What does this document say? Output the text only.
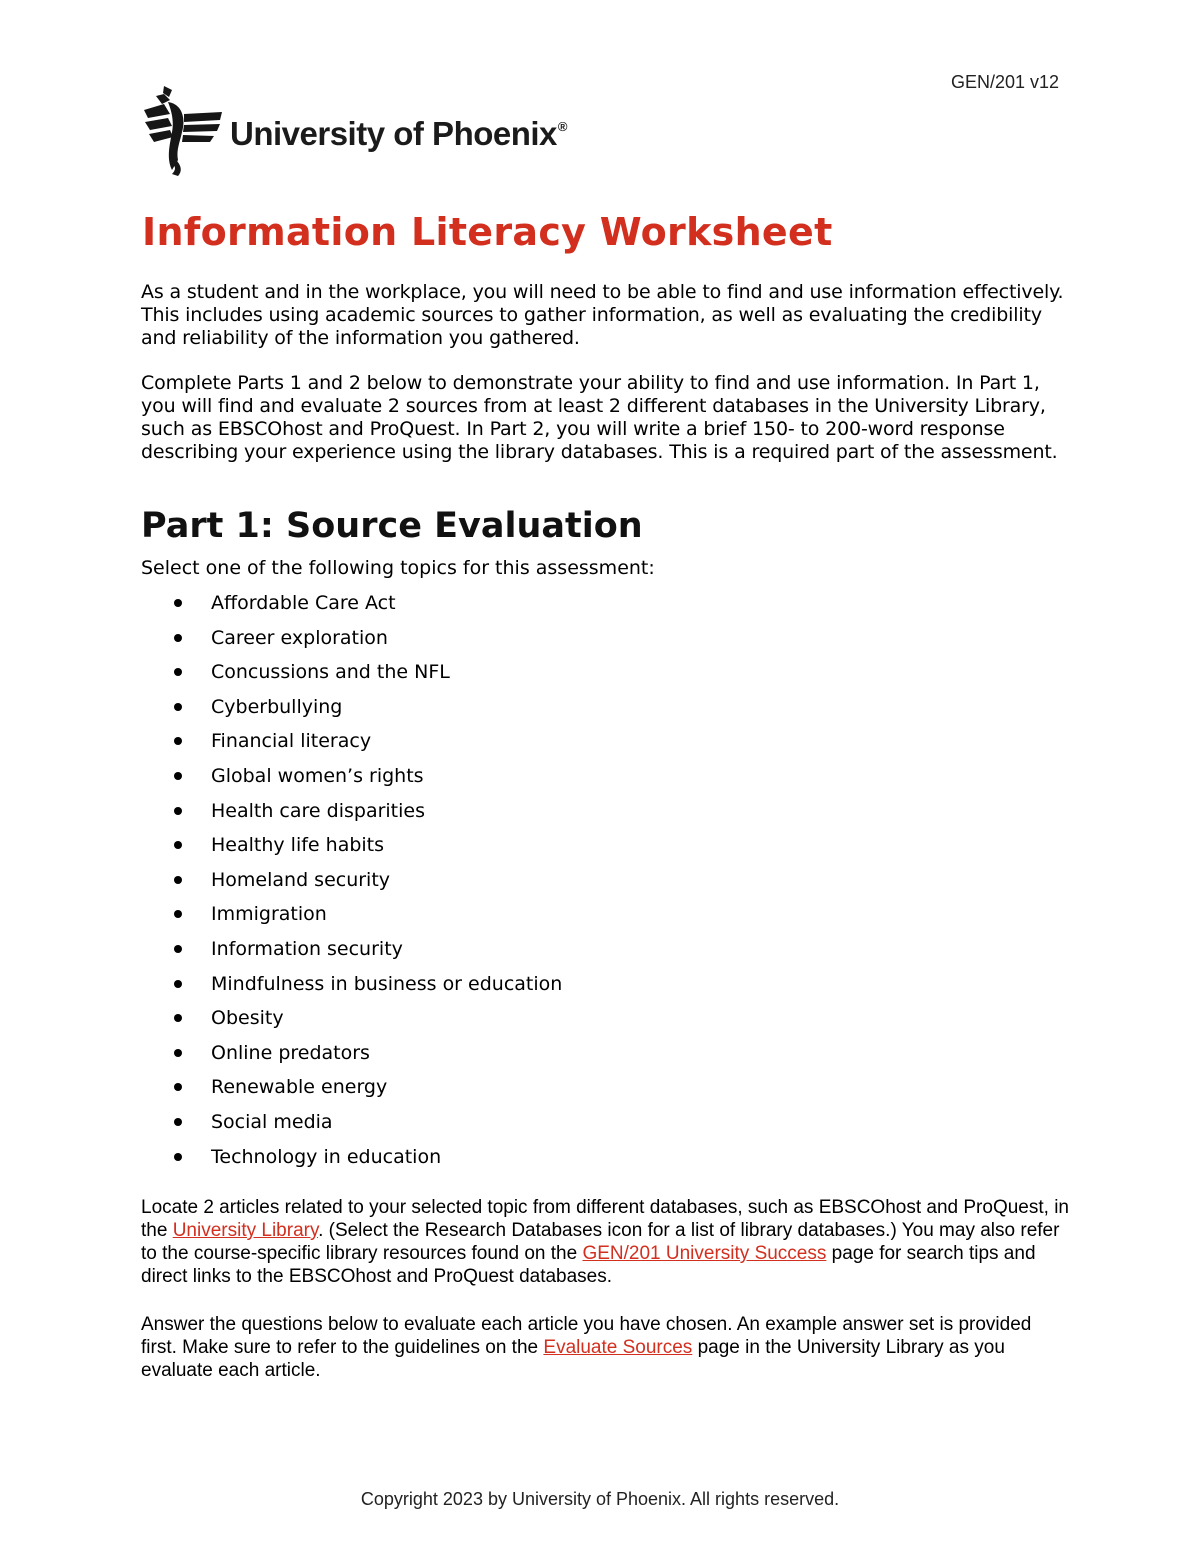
GEN/201 v12
University of Phoenix®
Information Literacy Worksheet

As a student and in the workplace, you will need to be able to find and use information effectively. This includes using academic sources to gather information, as well as evaluating the credibility and reliability of the information you gathered.

Complete Parts 1 and 2 below to demonstrate your ability to find and use information. In Part 1, you will find and evaluate 2 sources from at least 2 different databases in the University Library, such as EBSCOhost and ProQuest. In Part 2, you will write a brief 150- to 200-word response describing your experience using the library databases. This is a required part of the assessment.

Part 1: Source Evaluation

Select one of the following topics for this assessment:

Affordable Care Act
Career exploration
Concussions and the NFL
Cyberbullying
Financial literacy
Global women’s rights
Health care disparities
Healthy life habits
Homeland security
Immigration
Information security
Mindfulness in business or education
Obesity
Online predators
Renewable energy
Social media
Technology in education

Locate 2 articles related to your selected topic from different databases, such as EBSCOhost and ProQuest, in the University Library. (Select the Research Databases icon for a list of library databases.) You may also refer to the course-specific library resources found on the GEN/201 University Success page for search tips and direct links to the EBSCOhost and ProQuest databases.

Answer the questions below to evaluate each article you have chosen. An example answer set is provided first. Make sure to refer to the guidelines on the Evaluate Sources page in the University Library as you evaluate each article.

Copyright 2023 by University of Phoenix. All rights reserved.
